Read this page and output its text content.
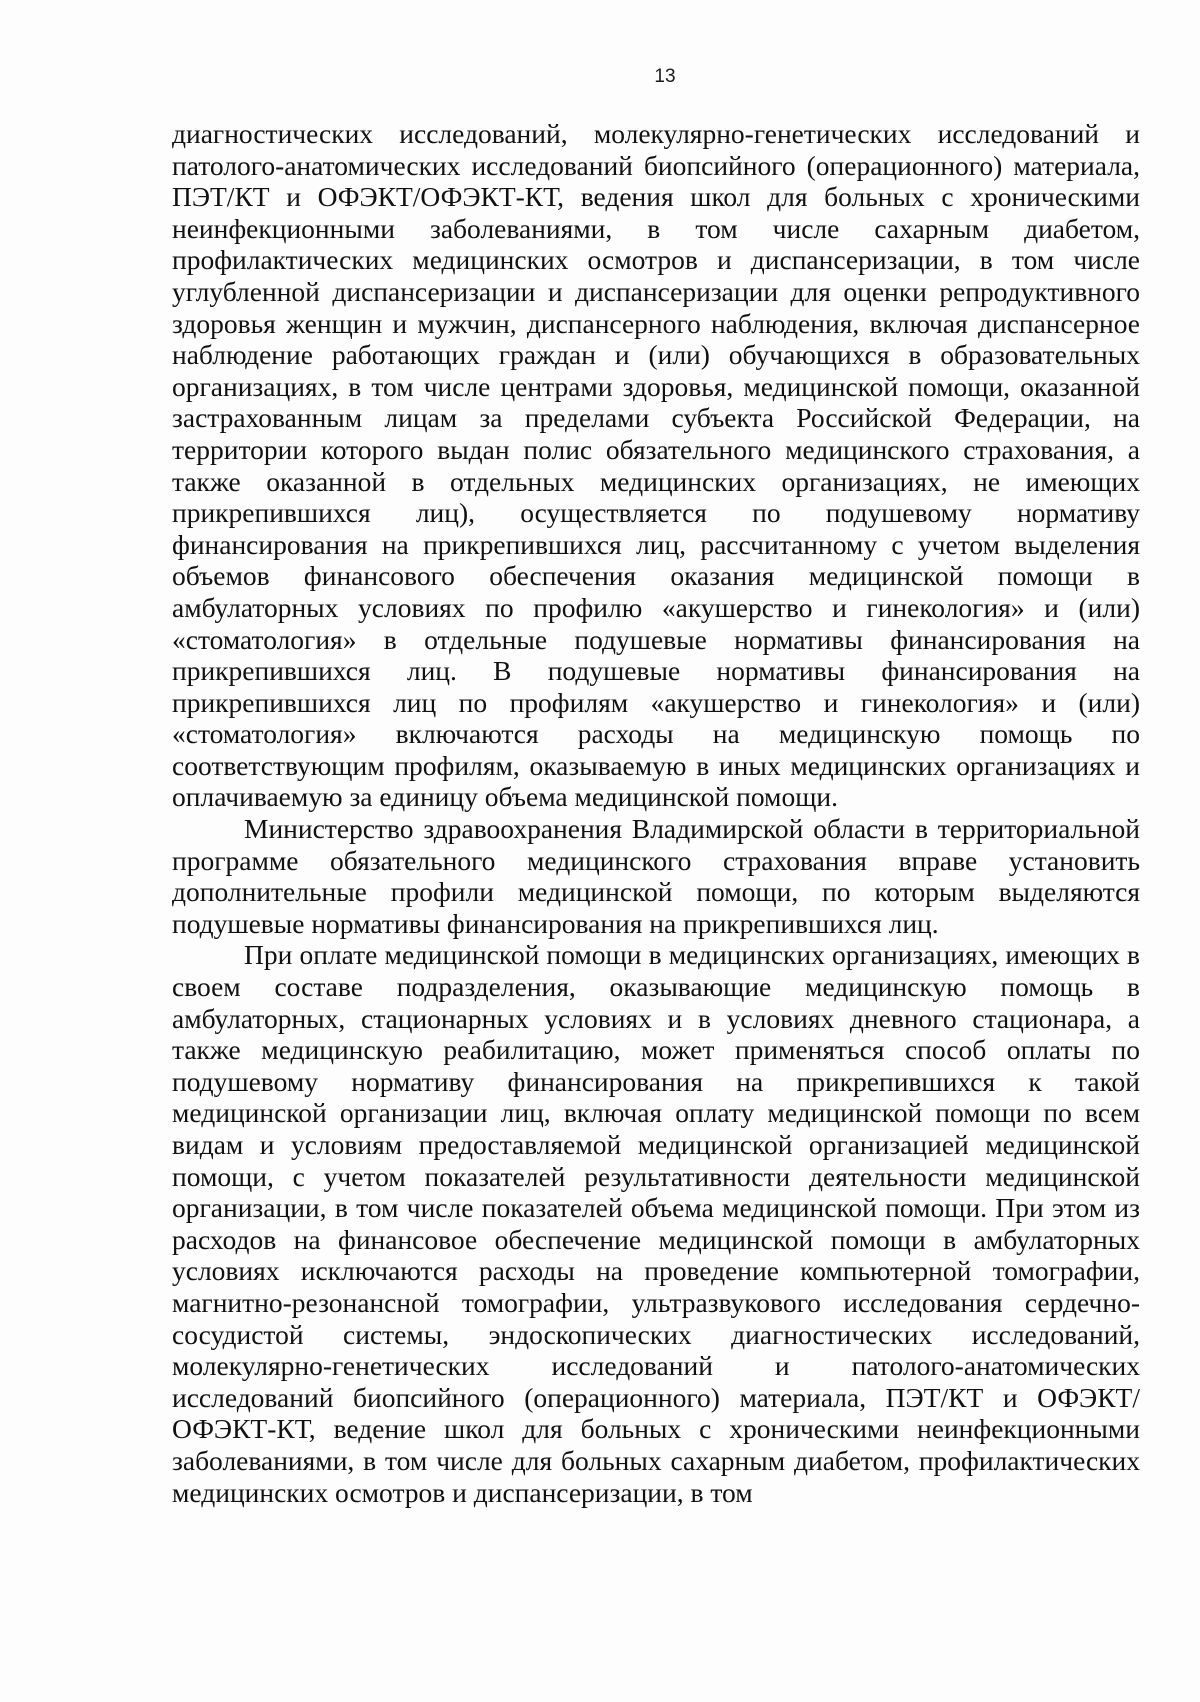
13

диагностических исследований, молекулярно-генетических исследований и патолого-анатомических исследований биопсийного (операционного) материала, ПЭТ/КТ и ОФЭКТ/ОФЭКТ-КТ, ведения школ для больных с хроническими неинфекционными заболеваниями, в том числе сахарным диабетом, профилактических медицинских осмотров и диспансеризации, в том числе углубленной диспансеризации и диспансеризации для оценки репродуктивного здоровья женщин и мужчин, диспансерного наблюдения, включая диспансерное наблюдение работающих граждан и (или) обучающихся в образовательных организациях, в том числе центрами здоровья, медицинской помощи, оказанной застрахованным лицам за пределами субъекта Российской Федерации, на территории которого выдан полис обязательного медицинского страхования, а также оказанной в отдельных медицинских организациях, не имеющих прикрепившихся лиц), осуществляется по подушевому нормативу финансирования на прикрепившихся лиц, рассчитанному с учетом выделения объемов финансового обеспечения оказания медицинской помощи в амбулаторных условиях по профилю «акушерство и гинекология» и (или) «стоматология» в отдельные подушевые нормативы финансирования на прикрепившихся лиц. В подушевые нормативы финансирования на прикрепившихся лиц по профилям «акушерство и гинекология» и (или) «стоматология» включаются расходы на медицинскую помощь по соответствующим профилям, оказываемую в иных медицинских организациях и оплачиваемую за единицу объема медицинской помощи.

Министерство здравоохранения Владимирской области в территориальной программе обязательного медицинского страхования вправе установить дополнительные профили медицинской помощи, по которым выделяются подушевые нормативы финансирования на прикрепившихся лиц.

При оплате медицинской помощи в медицинских организациях, имеющих в своем составе подразделения, оказывающие медицинскую помощь в амбулаторных, стационарных условиях и в условиях дневного стационара, а также медицинскую реабилитацию, может применяться способ оплаты по подушевому нормативу финансирования на прикрепившихся к такой медицинской организации лиц, включая оплату медицинской помощи по всем видам и условиям предоставляемой медицинской организацией медицинской помощи, с учетом показателей результативности деятельности медицинской организации, в том числе показателей объема медицинской помощи. При этом из расходов на финансовое обеспечение медицинской помощи в амбулаторных условиях исключаются расходы на проведение компьютерной томографии, магнитно-резонансной томографии, ультразвукового исследования сердечно-сосудистой системы, эндоскопических диагностических исследований, молекулярно-генетических исследований и патолого-анатомических исследований биопсийного (операционного) материала, ПЭТ/КТ и ОФЭКТ/ОФЭКТ-КТ, ведение школ для больных с хроническими неинфекционными заболеваниями, в том числе для больных сахарным диабетом, профилактических медицинских осмотров и диспансеризации, в том
